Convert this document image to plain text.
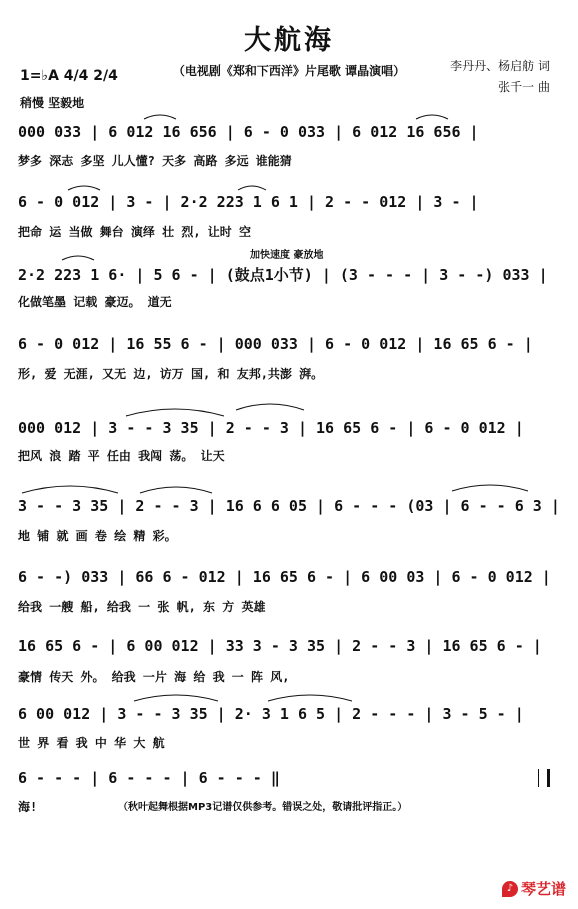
大航海
（电视剧《郑和下西洋》片尾歌 谭晶演唱）	李丹丹、杨启舫 词
张千一 曲
1=♭A 4/4 2/4
稍慢 坚毅地
加快速度 豪放地
000 033 | 6 012 16 656 | 6 - 0 033 | 6 012 16 656 |
梦多 深志 多坚 儿人懂? 天多 高路 多远 谁能猜
6 - 0 012 | 3 - | 2·2 223 1 6 1 | 2 - - 012 | 3 - |
把命 运 当做 舞台 演绎 壮 烈, 让时 空
2·2 223 1 6· | 5 6 - | (鼓点1小节) | (3 - - - | 3 - -) 033 |
化做笔墨 记载 豪迈。 道无
6 - 0 012 | 16 55 6 - | 000 033 | 6 - 0 012 | 16 65 6 - |
形, 爱 无涯, 又无 边, 访万 国, 和 友邦,共澎 湃。
000 012 | 3 - - 3 35 | 2 - - 3 | 16 65 6 - | 6 - 0 012 |
把风 浪 踏 平 任由 我闯 荡。 让天
3 - - 3 35 | 2 - - 3 | 16 6 6 05 | 6 - - - (03 | 6 - - 6 3 |
地 铺 就 画 卷 绘 精 彩。
6 - -) 033 | 66 6 - 012 | 16 65 6 - | 6 00 03 | 6 - 0 012 |
给我 一艘 船, 给我 一 张 帆, 东 方 英雄
16 65 6 - | 6 00 012 | 33 3 - 3 35 | 2 - - 3 | 16 65 6 - |
豪情 传天 外。 给我 一片 海 给 我 一 阵 风,
6 00 012 | 3 - - 3 35 | 2· 3 1 6 5 | 2 - - - | 3 - 5 - |
世 界 看 我 中 华 大 航
6 - - - | 6 - - - | 6 - - - ‖
海!	（秋叶起舞根据MP3记谱仅供参考。错误之处，敬请批评指正。）
♪ 琴艺谱
